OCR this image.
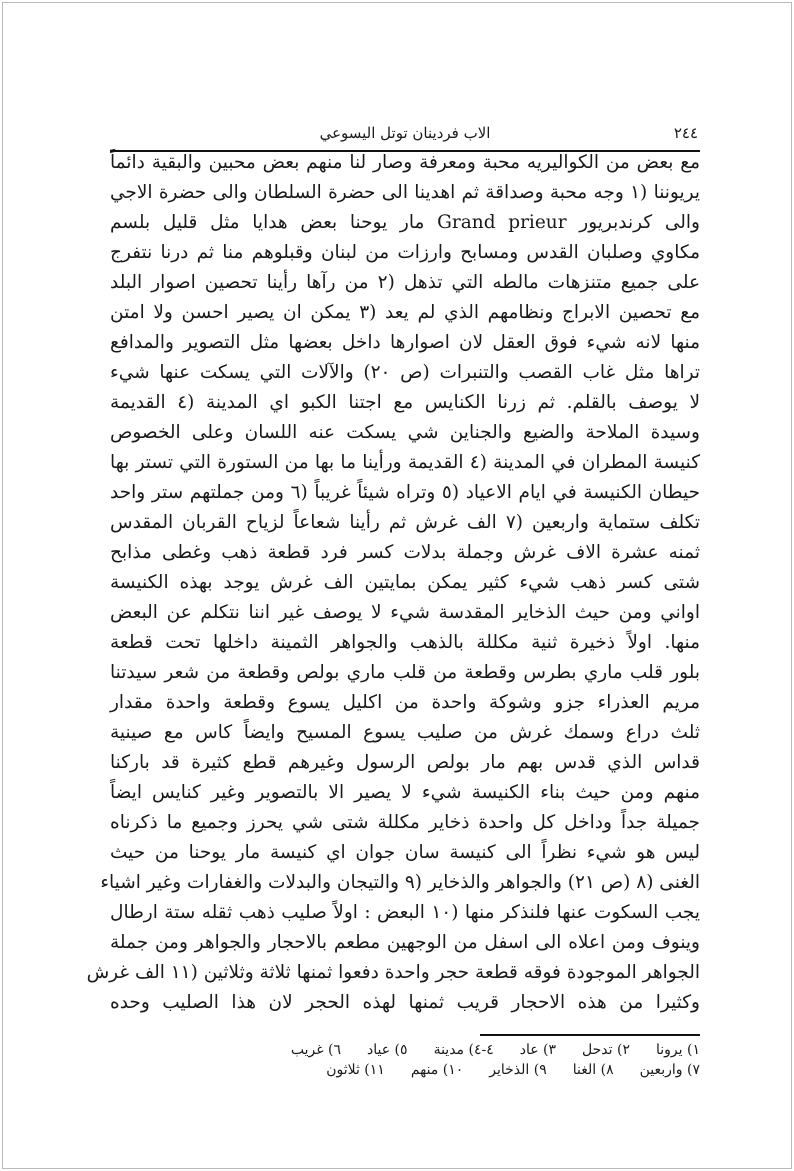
٢٤٤
الاب فردينان توتل اليسوعي
مع بعض من الكواليريه محبة ومعرفة وصار لنا منهم بعض محبين والبقية دائماً
يريوننا (١ وجه محبة وصداقة ثم اهدينا الى حضرة السلطان والى حضرة الاجي
والى كرندبريور Grand prieur مار يوحنا بعض هدايا مثل قليل بلسم
مكاوي وصلبان القدس ومسابح وارزات من لبنان وقبلوهم منا ثم درنا نتفرج
على جميع متنزهات مالطه التي تذهل (٢ من رآها رأينا تحصين اصوار البلد
مع تحصين الابراج ونظامهم الذي لم يعد (٣ يمكن ان يصير احسن ولا امتن
منها لانه شيء فوق العقل لان اصوارها داخل بعضها مثل التصوير والمدافع
تراها مثل غاب القصب والتنبرات (ص ٢٠) والآلات التي يسكت عنها شيء
لا يوصف بالقلم. ثم زرنا الكنايس مع اجتنا الكبو اي المدينة (٤ القديمة
وسيدة الملاحة والضيع والجناين شي يسكت عنه اللسان وعلى الخصوص
كنيسة المطران في المدينة (٤ القديمة ورأينا ما بها من الستورة التي تستر بها
حيطان الكنيسة في ايام الاعياد (٥ وتراه شيئاً غريباً (٦ ومن جملتهم ستر واحد
تكلف ستماية واربعين (٧ الف غرش ثم رأينا شعاعاً لزياح القربان المقدس
ثمنه عشرة الاف غرش وجملة بدلات كسر فرد قطعة ذهب وغطى مذابح
شتى كسر ذهب شيء كثير يمكن بمايتين الف غرش يوجد بهذه الكنيسة
اواني ومن حيث الذخاير المقدسة شيء لا يوصف غير اننا نتكلم عن البعض
منها. اولاً ذخيرة ثنية مكللة بالذهب والجواهر الثمينة داخلها تحت قطعة
بلور قلب ماري بطرس وقطعة من قلب ماري بولص وقطعة من شعر سيدتنا
مريم العذراء جزو وشوكة واحدة من اكليل يسوع وقطعة واحدة مقدار
ثلث دراع وسمك غرش من صليب يسوع المسيح وايضاً كاس مع صينية
قداس الذي قدس بهم مار بولص الرسول وغيرهم قطع كثيرة قد باركنا
منهم ومن حيث بناء الكنيسة شيء لا يصير الا بالتصوير وغير كنايس ايضاً
جميلة جداً وداخل كل واحدة ذخاير مكللة شتى شي يحرز وجميع ما ذكرناه
ليس هو شيء نظراً الى كنيسة سان جوان اي كنيسة مار يوحنا من حيث
الغنى (٨ (ص ٢١) والجواهر والذخاير (٩ والتيجان والبدلات والغفارات وغير اشياء
يجب السكوت عنها فلنذكر منها (١٠ البعض : اولاً صليب ذهب ثقله ستة ارطال
وينوف ومن اعلاه الى اسفل من الوجهين مطعم بالاحجار والجواهر ومن جملة
الجواهر الموجودة فوقه قطعة حجر واحدة دفعوا ثمنها ثلاثة وثلاثين (١١ الف غرش
وكثيرا من هذه الاحجار قريب ثمنها لهذه الحجر لان هذا الصليب وحده
١) يرونا
٢) تدحل
٣) عاد
٤-٤) مدينة
٥) عياد
٦) غريب
٧) واربعين
٨) الغنا
٩) الذخاير
١٠) منهم
١١) ثلاثون
